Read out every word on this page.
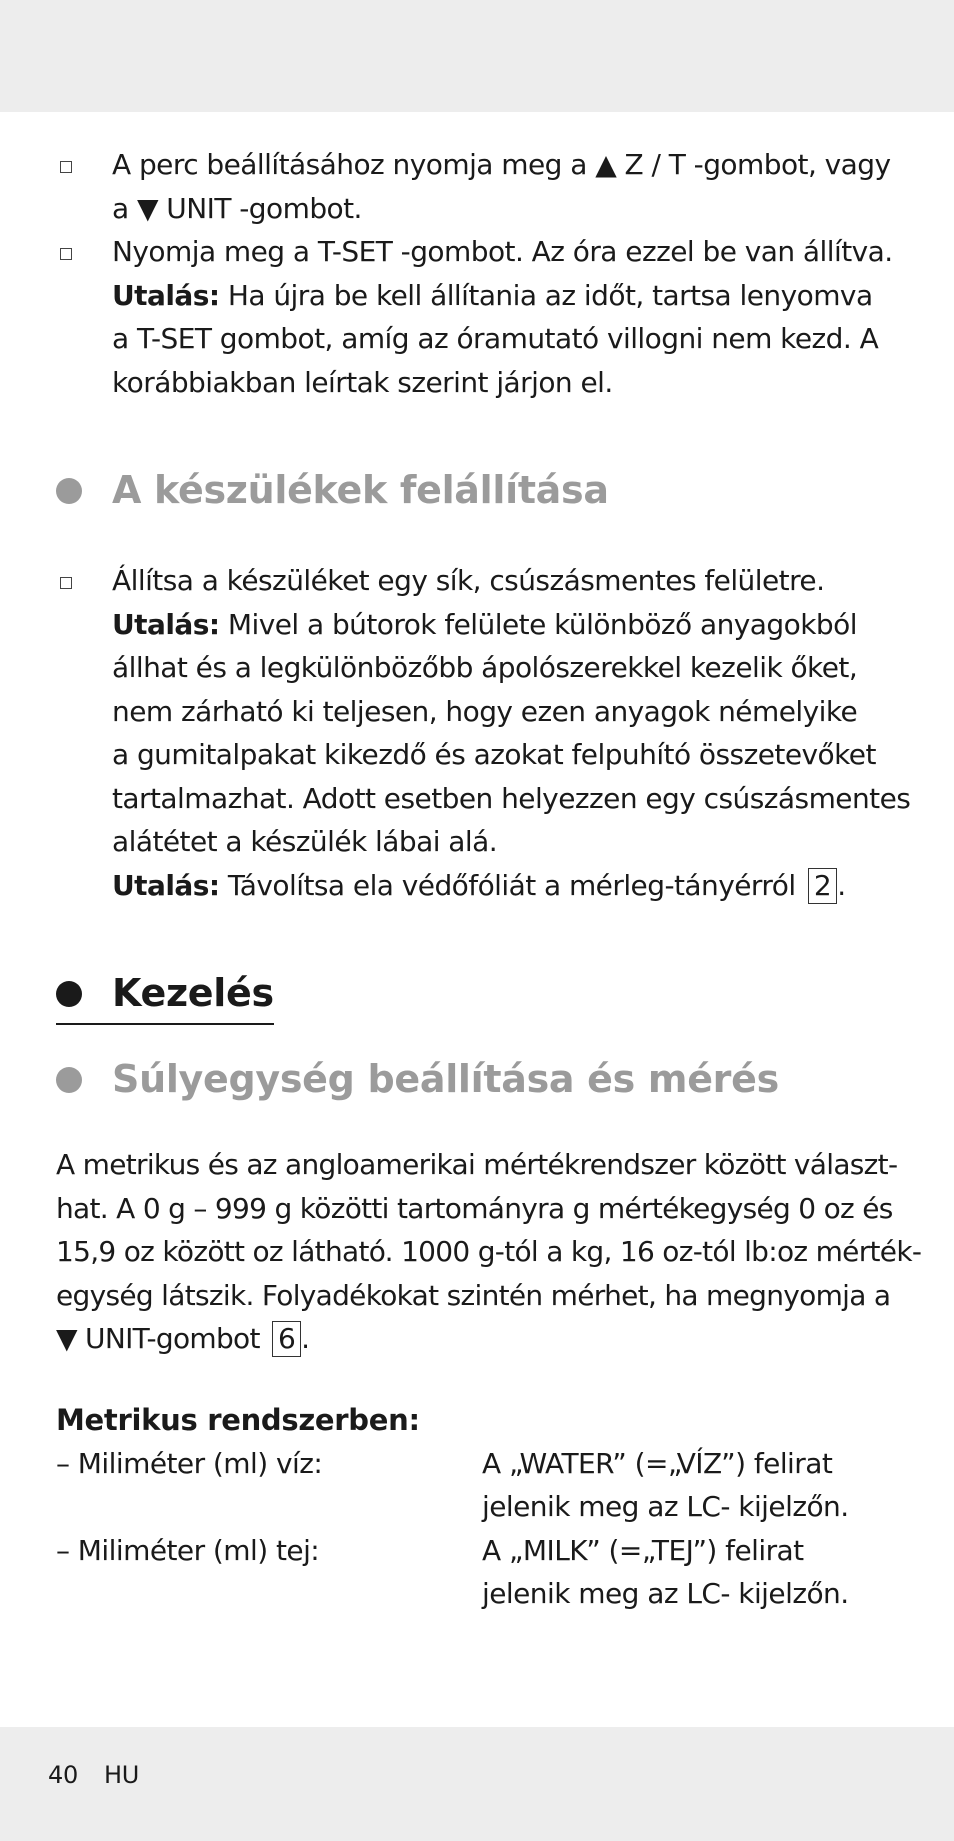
A perc beállításához nyomja meg a ▲ Z / T -gombot, vagy
a ▼ UNIT -gombot.
Nyomja meg a T-SET -gombot. Az óra ezzel be van állítva.
Utalás: Ha újra be kell állítania az időt, tartsa lenyomva
a T-SET gombot, amíg az óramutató villogni nem kezd. A
korábbiakban leírtak szerint járjon el.
A készülékek felállítása
Állítsa a készüléket egy sík, csúszásmentes felületre.
Utalás: Mivel a bútorok felülete különböző anyagokból
állhat és a legkülönbözőbb ápolószerekkel kezelik őket,
nem zárható ki teljesen, hogy ezen anyagok némelyike
a gumitalpakat kikezdő és azokat felpuhító összetevőket
tartalmazhat. Adott esetben helyezzen egy csúszásmentes
alátétet a készülék lábai alá.
Utalás: Távolítsa ela védőfóliát a mérleg-tányérról 2 .
Kezelés
Súlyegység beállítása és mérés
A metrikus és az angloamerikai mértékrendszer között választ-
hat. A 0 g – 999 g közötti tartományra g mértékegység 0 oz és
15,9 oz között oz látható. 1000 g-tól a kg, 16 oz-tól lb:oz mérték-
egység látszik. Folyadékokat szintén mérhet, ha megnyomja a
▼ UNIT-gombot 6 .
Metrikus rendszerben:
– Miliméter (ml) víz:	A „WATER” (=„VÍZ”) felirat
jelenik meg az LC- kijelzőn.
– Miliméter (ml) tej:	A „MILK” (=„TEJ”) felirat
jelenik meg az LC- kijelzőn.
40 HU
